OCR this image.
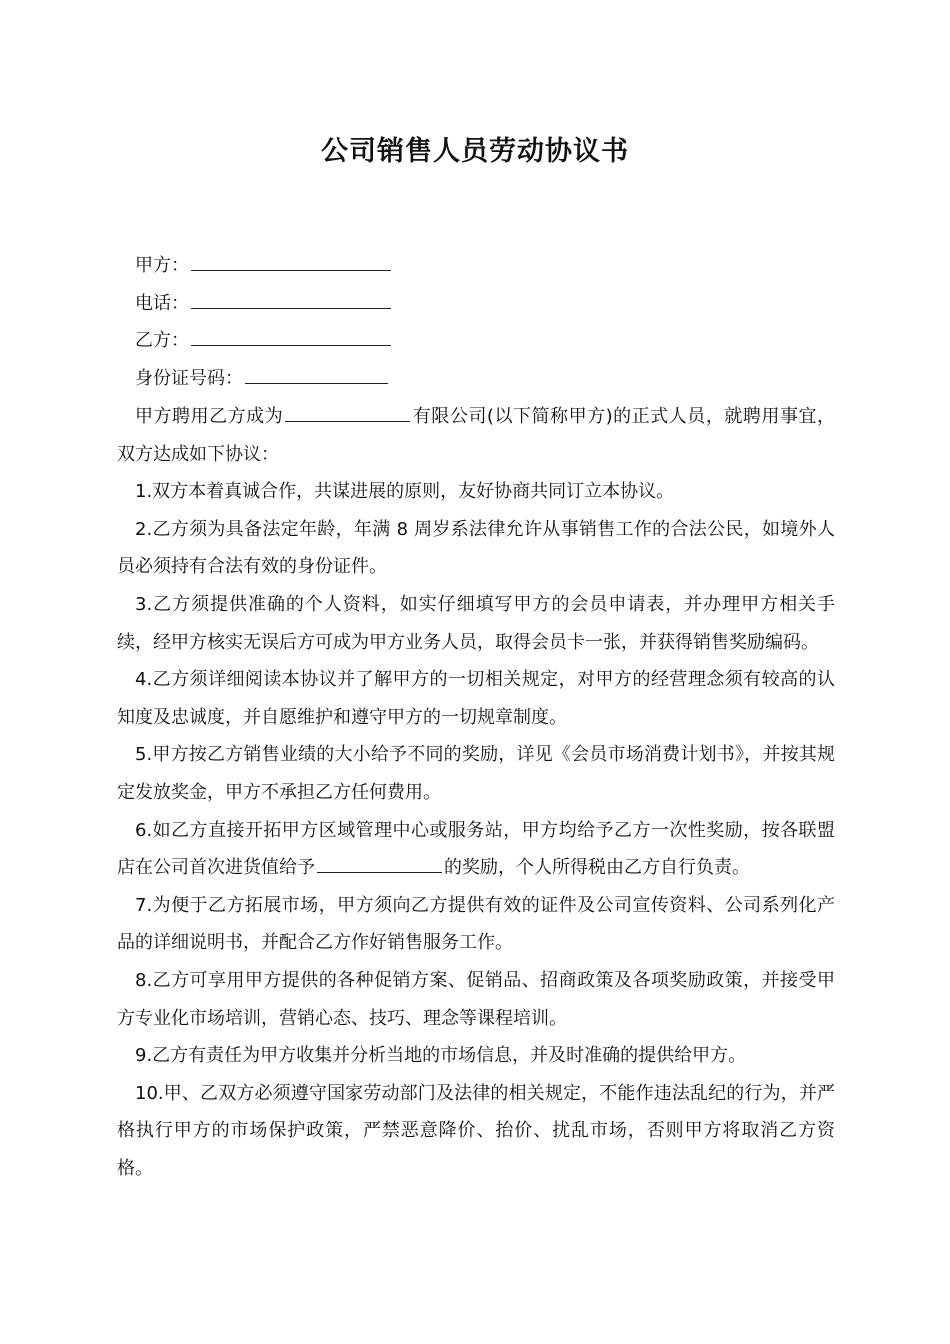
公司销售人员劳动协议书
甲方：
电话：
乙方：
身份证号码：

甲方聘用乙方成为	有限公司(以下简称甲方)的正式人员，就聘用事宜，双方达成如下协议：

1.双方本着真诚合作，共谋进展的原则，友好协商共同订立本协议。

2.乙方须为具备法定年龄，年满 8 周岁系法律允许从事销售工作的合法公民，如境外人员必须持有合法有效的身份证件。

3.乙方须提供准确的个人资料，如实仔细填写甲方的会员申请表，并办理甲方相关手续，经甲方核实无误后方可成为甲方业务人员，取得会员卡一张，并获得销售奖励编码。

4.乙方须详细阅读本协议并了解甲方的一切相关规定，对甲方的经营理念须有较高的认知度及忠诚度，并自愿维护和遵守甲方的一切规章制度。

5.甲方按乙方销售业绩的大小给予不同的奖励，详见《会员市场消费计划书》，并按其规定发放奖金，甲方不承担乙方任何费用。

6.如乙方直接开拓甲方区域管理中心或服务站，甲方均给予乙方一次性奖励，按各联盟店在公司首次进货值给予	的奖励，个人所得税由乙方自行负责。

7.为便于乙方拓展市场，甲方须向乙方提供有效的证件及公司宣传资料、公司系列化产品的详细说明书，并配合乙方作好销售服务工作。

8.乙方可享用甲方提供的各种促销方案、促销品、招商政策及各项奖励政策，并接受甲方专业化市场培训，营销心态、技巧、理念等课程培训。

9.乙方有责任为甲方收集并分析当地的市场信息，并及时准确的提供给甲方。

10.甲、乙双方必须遵守国家劳动部门及法律的相关规定，不能作违法乱纪的行为，并严格执行甲方的市场保护政策，严禁恶意降价、抬价、扰乱市场，否则甲方将取消乙方资格。
